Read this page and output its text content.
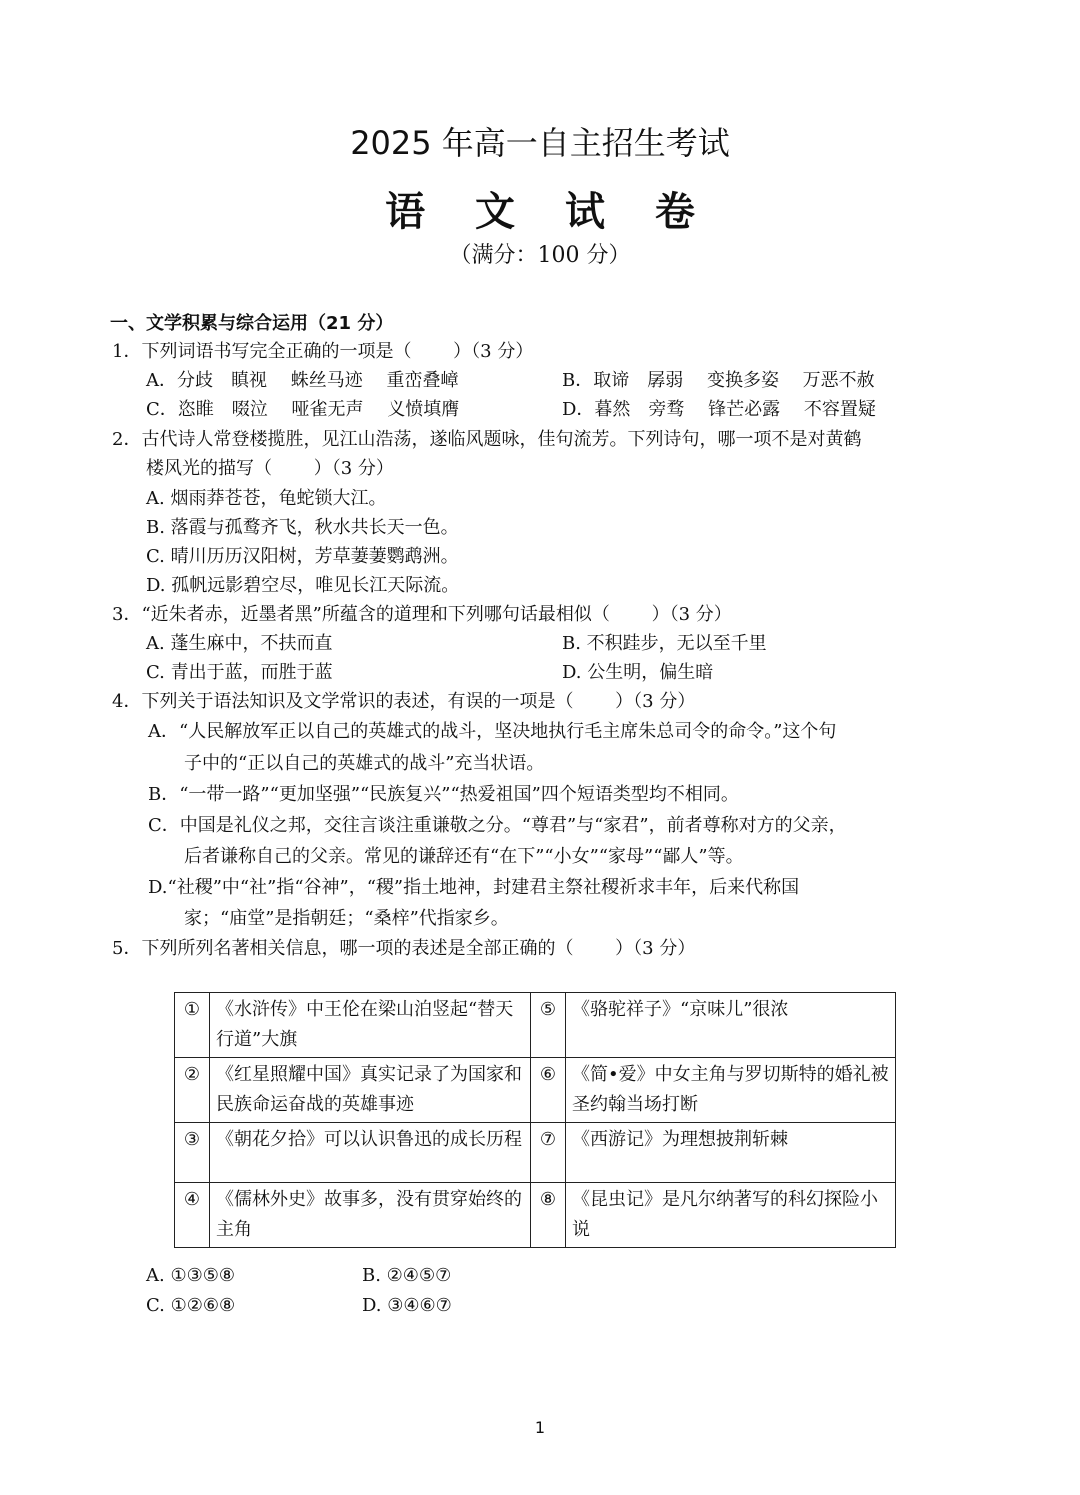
2025 年高一自主招生考试
语 文 试 卷
（满分：100 分）
一、文学积累与综合运用（21 分）
1．下列词语书写完全正确的一项是（　　 ）（3 分）
A．分歧　瞋视　 蛛丝马迹　 重峦叠嶂	B．取谛　孱弱　 变换多姿　 万恶不赦
C．恣睢　啜泣　 哑雀无声　 义愤填膺	D．暮然　旁骛　 锋芒必露　 不容置疑
2．古代诗人常登楼揽胜，见江山浩荡，遂临风题咏，佳句流芳。下列诗句，哪一项不是对黄鹤
楼风光的描写（　　 ）（3 分）
A. 烟雨莽苍苍，龟蛇锁大江。
B. 落霞与孤鹜齐飞，秋水共长天一色。
C. 晴川历历汉阳树，芳草萋萋鹦鹉洲。
D. 孤帆远影碧空尽，唯见长江天际流。
3．“近朱者赤，近墨者黑”所蕴含的道理和下列哪句话最相似（　　 ）（3 分）
A. 蓬生麻中，不扶而直	B. 不积跬步，无以至千里
C. 青出于蓝，而胜于蓝	D. 公生明，偏生暗
4．下列关于语法知识及文学常识的表述，有误的一项是（　　 ）（3 分）
A．“人民解放军正以自己的英雄式的战斗，坚决地执行毛主席朱总司令的命令。”这个句
子中的“正以自己的英雄式的战斗”充当状语。
B．“一带一路”“更加坚强”“民族复兴”“热爱祖国”四个短语类型均不相同。
C．中国是礼仪之邦，交往言谈注重谦敬之分。“尊君”与“家君”，前者尊称对方的父亲，
后者谦称自己的父亲。常见的谦辞还有“在下”“小女”“家母”“鄙人”等。
D.“社稷”中“社”指“谷神”，“稷”指土地神，封建君主祭社稷祈求丰年，后来代称国
家；“庙堂”是指朝廷；“桑梓”代指家乡。
5．下列所列名著相关信息，哪一项的表述是全部正确的（　　 ）（3 分）
①	《水浒传》中王伦在梁山泊竖起“替天行道”大旗	⑤	《骆驼祥子》“京味儿”很浓
②	《红星照耀中国》真实记录了为国家和民族命运奋战的英雄事迹	⑥	《简•爱》中女主角与罗切斯特的婚礼被圣约翰当场打断
③	《朝花夕拾》可以认识鲁迅的成长历程	⑦	《西游记》为理想披荆斩棘
④	《儒林外史》故事多，没有贯穿始终的主角	⑧	《昆虫记》是凡尔纳著写的科幻探险小说
A. ①③⑤⑧	B. ②④⑤⑦
C. ①②⑥⑧	D. ③④⑥⑦
1
